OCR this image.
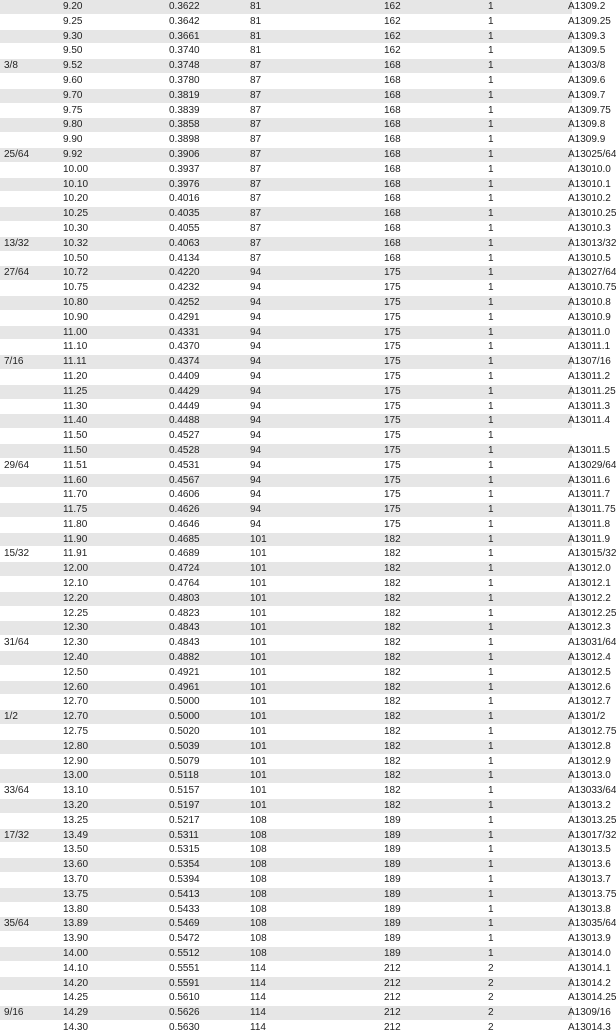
	9.20	0.3622	81	162	1	A1309.2
	9.25	0.3642	81	162	1	A1309.25
	9.30	0.3661	81	162	1	A1309.3
	9.50	0.3740	81	162	1	A1309.5
3/8	9.52	0.3748	87	168	1	A1303/8
	9.60	0.3780	87	168	1	A1309.6
	9.70	0.3819	87	168	1	A1309.7
	9.75	0.3839	87	168	1	A1309.75
	9.80	0.3858	87	168	1	A1309.8
	9.90	0.3898	87	168	1	A1309.9
25/64	9.92	0.3906	87	168	1	A13025/64
	10.00	0.3937	87	168	1	A13010.0
	10.10	0.3976	87	168	1	A13010.1
	10.20	0.4016	87	168	1	A13010.2
	10.25	0.4035	87	168	1	A13010.25
	10.30	0.4055	87	168	1	A13010.3
13/32	10.32	0.4063	87	168	1	A13013/32
	10.50	0.4134	87	168	1	A13010.5
27/64	10.72	0.4220	94	175	1	A13027/64
	10.75	0.4232	94	175	1	A13010.75
	10.80	0.4252	94	175	1	A13010.8
	10.90	0.4291	94	175	1	A13010.9
	11.00	0.4331	94	175	1	A13011.0
	11.10	0.4370	94	175	1	A13011.1
7/16	11.11	0.4374	94	175	1	A1307/16
	11.20	0.4409	94	175	1	A13011.2
	11.25	0.4429	94	175	1	A13011.25
	11.30	0.4449	94	175	1	A13011.3
	11.40	0.4488	94	175	1	A13011.4
	11.50	0.4527	94	175	1	
	11.50	0.4528	94	175	1	A13011.5
29/64	11.51	0.4531	94	175	1	A13029/64
	11.60	0.4567	94	175	1	A13011.6
	11.70	0.4606	94	175	1	A13011.7
	11.75	0.4626	94	175	1	A13011.75
	11.80	0.4646	94	175	1	A13011.8
	11.90	0.4685	101	182	1	A13011.9
15/32	11.91	0.4689	101	182	1	A13015/32
	12.00	0.4724	101	182	1	A13012.0
	12.10	0.4764	101	182	1	A13012.1
	12.20	0.4803	101	182	1	A13012.2
	12.25	0.4823	101	182	1	A13012.25
	12.30	0.4843	101	182	1	A13012.3
31/64	12.30	0.4843	101	182	1	A13031/64
	12.40	0.4882	101	182	1	A13012.4
	12.50	0.4921	101	182	1	A13012.5
	12.60	0.4961	101	182	1	A13012.6
	12.70	0.5000	101	182	1	A13012.7
1/2	12.70	0.5000	101	182	1	A1301/2
	12.75	0.5020	101	182	1	A13012.75
	12.80	0.5039	101	182	1	A13012.8
	12.90	0.5079	101	182	1	A13012.9
	13.00	0.5118	101	182	1	A13013.0
33/64	13.10	0.5157	101	182	1	A13033/64
	13.20	0.5197	101	182	1	A13013.2
	13.25	0.5217	108	189	1	A13013.25
17/32	13.49	0.5311	108	189	1	A13017/32
	13.50	0.5315	108	189	1	A13013.5
	13.60	0.5354	108	189	1	A13013.6
	13.70	0.5394	108	189	1	A13013.7
	13.75	0.5413	108	189	1	A13013.75
	13.80	0.5433	108	189	1	A13013.8
35/64	13.89	0.5469	108	189	1	A13035/64
	13.90	0.5472	108	189	1	A13013.9
	14.00	0.5512	108	189	1	A13014.0
	14.10	0.5551	114	212	2	A13014.1
	14.20	0.5591	114	212	2	A13014.2
	14.25	0.5610	114	212	2	A13014.25
9/16	14.29	0.5626	114	212	2	A1309/16
	14.30	0.5630	114	212	2	A13014.3
